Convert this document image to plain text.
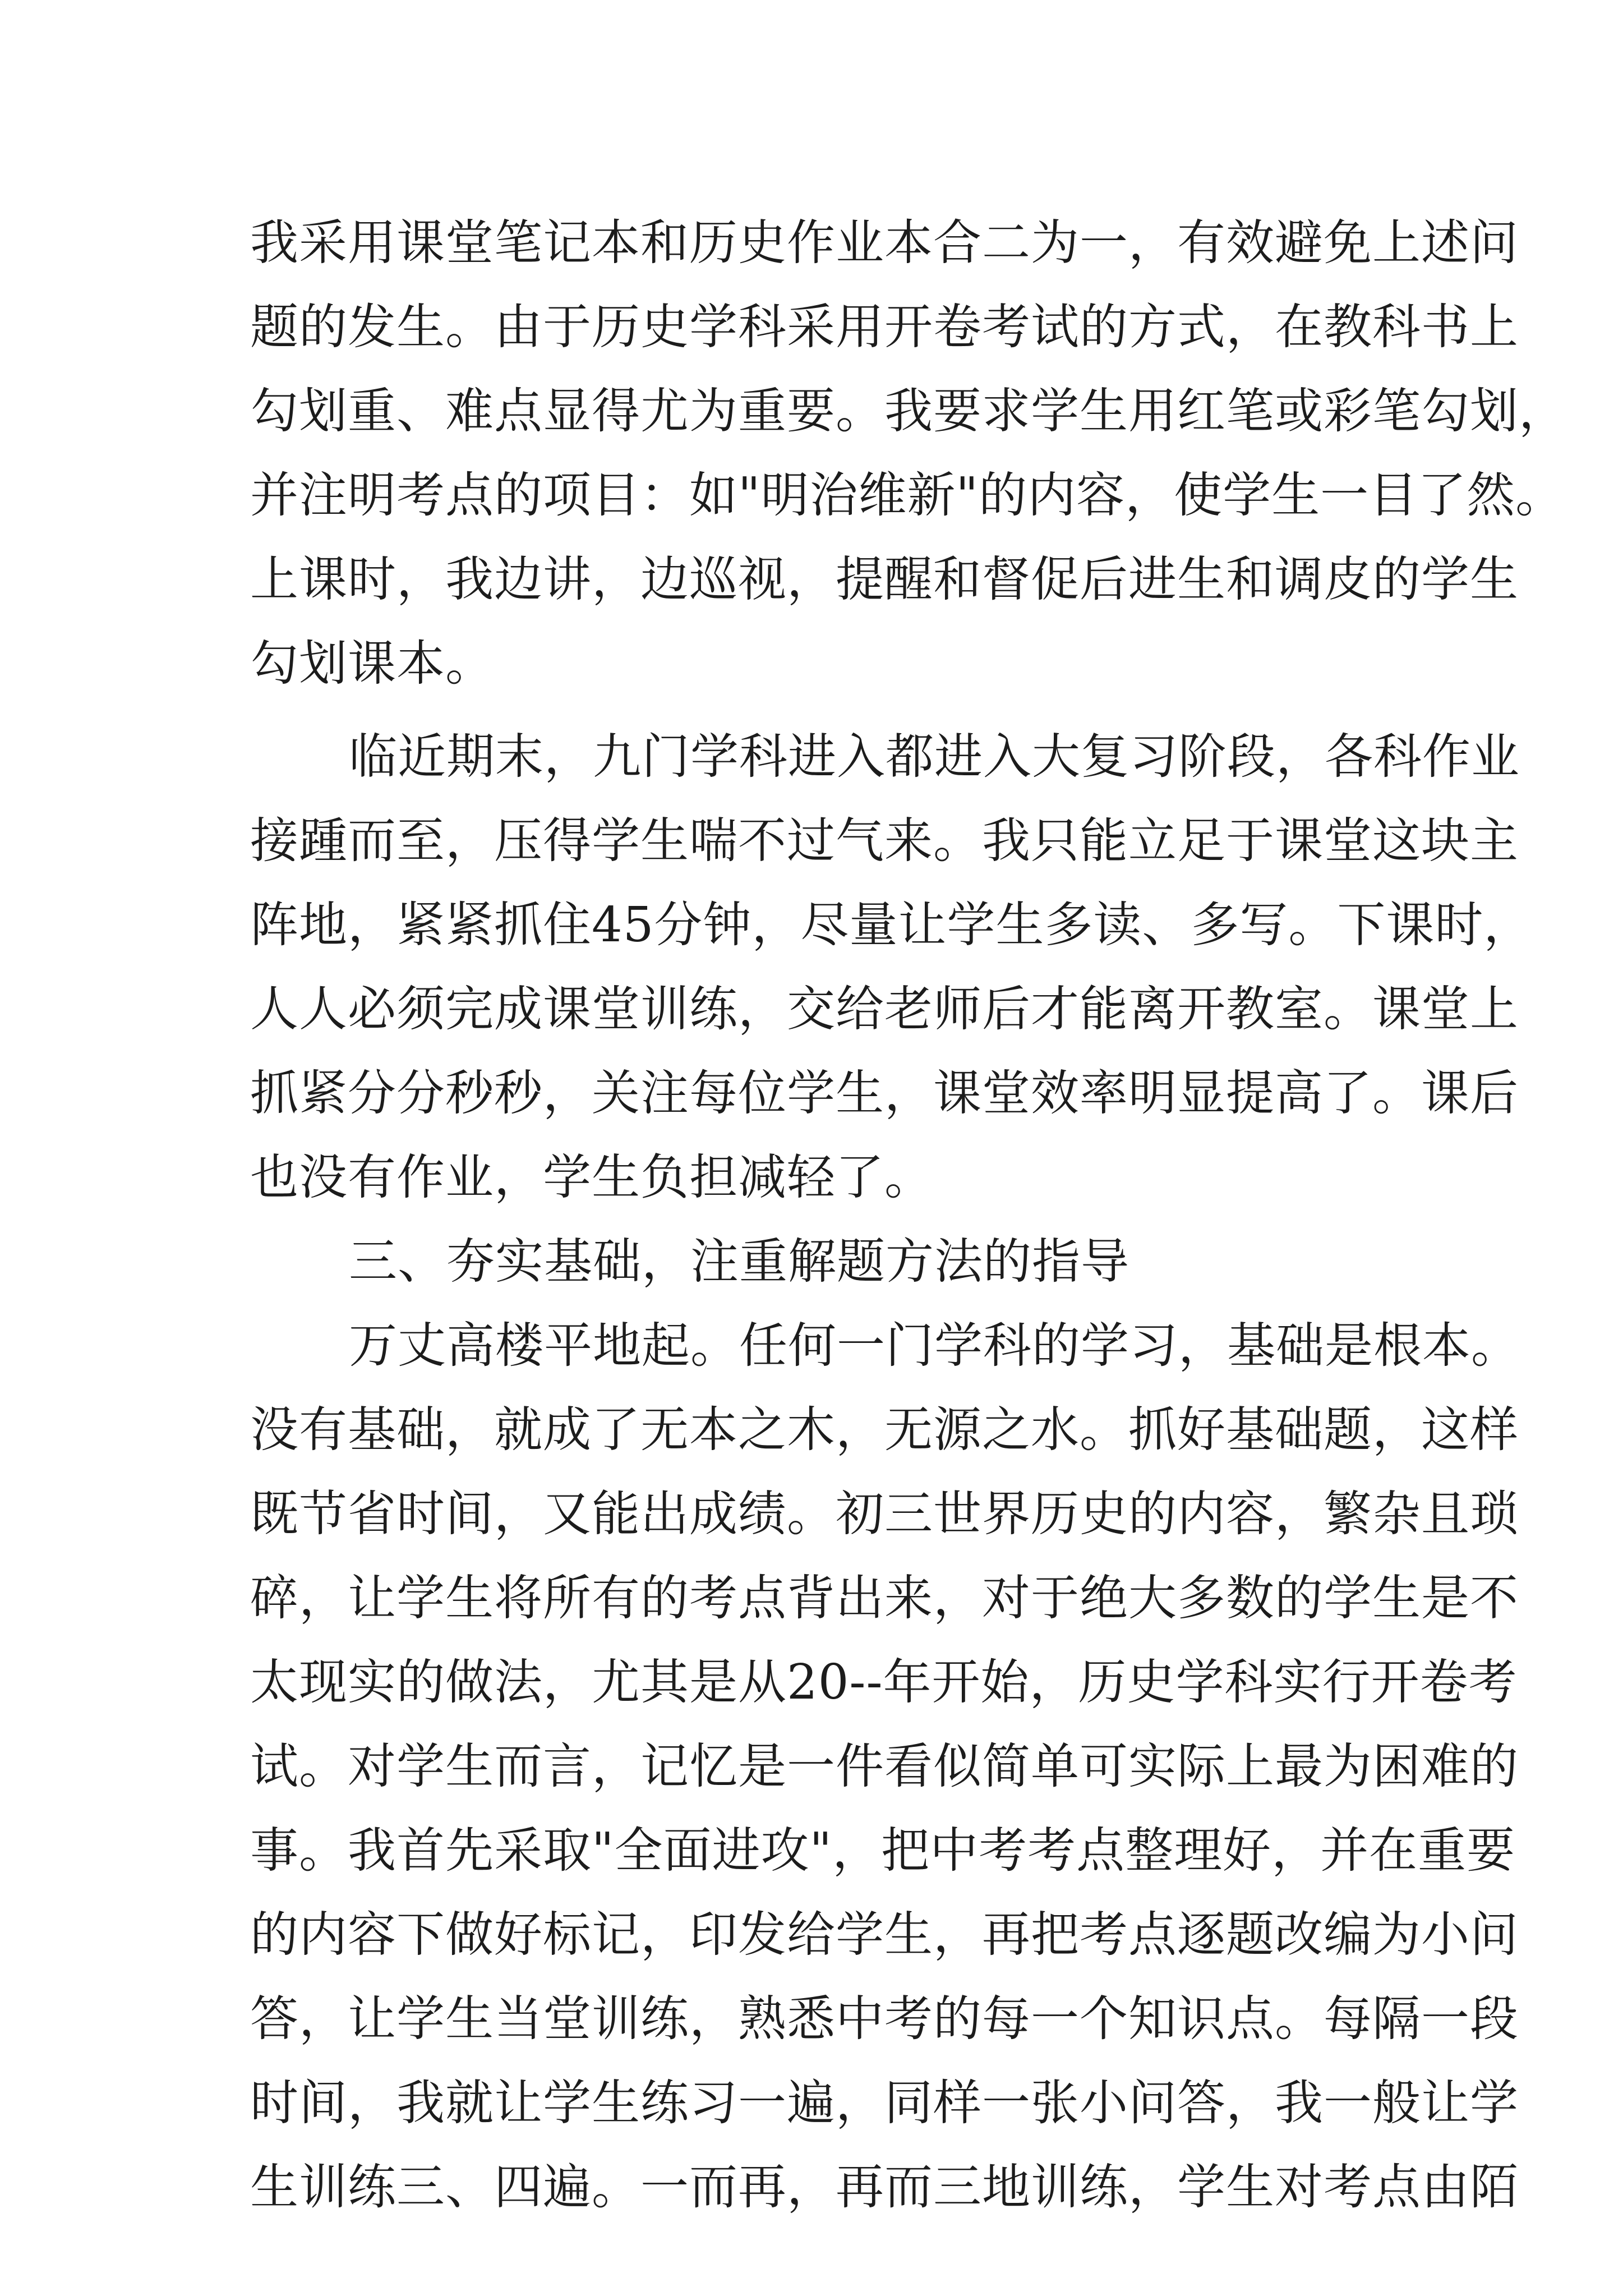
我采用课堂笔记本和历史作业本合二为一，有效避免上述问
题的发生。由于历史学科采用开卷考试的方式，在教科书上
勾划重、难点显得尤为重要。我要求学生用红笔或彩笔勾划，
并注明考点的项目：如"明治维新"的内容，使学生一目了然。
上课时，我边讲，边巡视，提醒和督促后进生和调皮的学生
勾划课本。
临近期末，九门学科进入都进入大复习阶段，各科作业
接踵而至，压得学生喘不过气来。我只能立足于课堂这块主
阵地，紧紧抓住45分钟，尽量让学生多读、多写。下课时，
人人必须完成课堂训练，交给老师后才能离开教室。课堂上
抓紧分分秒秒，关注每位学生，课堂效率明显提高了。课后
也没有作业，学生负担减轻了。
三、夯实基础，注重解题方法的指导
万丈高楼平地起。任何一门学科的学习，基础是根本。
没有基础，就成了无本之木，无源之水。抓好基础题，这样
既节省时间，又能出成绩。初三世界历史的内容，繁杂且琐
碎，让学生将所有的考点背出来，对于绝大多数的学生是不
太现实的做法，尤其是从20--年开始，历史学科实行开卷考
试。对学生而言，记忆是一件看似简单可实际上最为困难的
事。我首先采取"全面进攻"，把中考考点整理好，并在重要
的内容下做好标记，印发给学生，再把考点逐题改编为小问
答，让学生当堂训练，熟悉中考的每一个知识点。每隔一段
时间，我就让学生练习一遍，同样一张小问答，我一般让学
生训练三、四遍。一而再，再而三地训练，学生对考点由陌
